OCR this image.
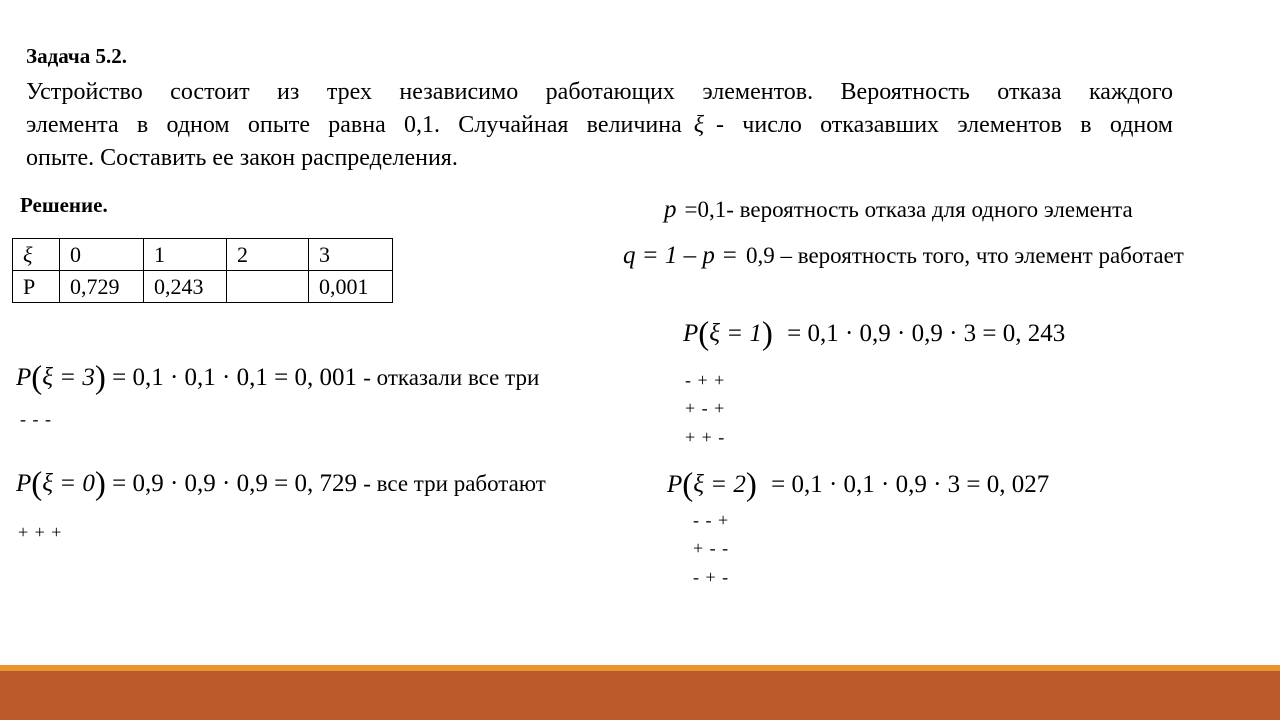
Задача 5.2.
Устройство состоит из трех независимо работающих элементов. Вероятность отказа каждого
элемента в одном опыте равна 0,1. Случайная величина ξ - число отказавших элементов в одном
опыте. Составить ее закон распределения.
Решение.
ξ	0	1	2	3
P	0,729	0,243		0,001
P(ξ = 3) = 0,1 · 0,1 · 0,1 = 0, 001 - отказали все три
- - -
P(ξ = 0) = 0,9 · 0,9 · 0,9 = 0, 729 - все три работают
+ + +
p =0,1- вероятность отказа для одного элемента
q = 1 – p = 0,9 – вероятность того, что элемент работает
P(ξ = 1) = 0,1 · 0,9 · 0,9 · 3 = 0, 243
- + +
+ - +
+ + -
P(ξ = 2) = 0,1 · 0,1 · 0,9 · 3 = 0, 027
- - +
+ - -
- + -
